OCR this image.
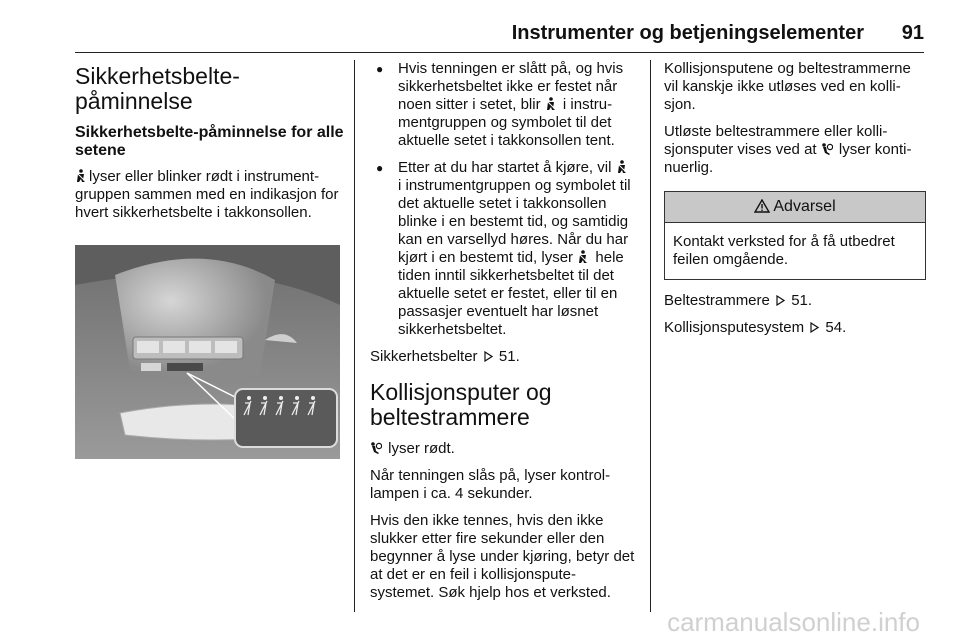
Instrumenter og betjeningselementer 91
Sikkerhetsbelte-påminnelse
Sikkerhetsbelte-påminnelse for alle setene

lyser eller blinker rødt i instrumentgruppen sammen med en indikasjon for hvert sikkerhetsbelte i takkonsollen.

● Hvis tenningen er slått på, og hvis sikkerhetsbeltet ikke er festet når noen sitter i setet, blir i instrumentgruppen og symbolet til det aktuelle setet i takkonsollen tent.
● Etter at du har startet å kjøre, vil  i instrumentgruppen og symbolet til det aktuelle setet i takkonsollen blinke i en bestemt tid, og samtidig kan en varsellyd høres. Når du har kjørt i en bestemt tid, lyser hele tiden inntil sikkerhetsbeltet til det aktuelle setet er festet, eller til en passasjer eventuelt har løsnet sikkerhetsbeltet.

Sikkerhetsbelter 51.

Kollisjonsputer og beltestrammere

lyser rødt.

Når tenningen slås på, lyser kontrollampen i ca. 4 sekunder.

Hvis den ikke tennes, hvis den ikke slukker etter fire sekunder eller den begynner å lyse under kjøring, betyr det at det er en feil i kollisjonsputesystemet. Søk hjelp hos et verksted.

Kollisjonsputene og beltestrammerne vil kanskje ikke utløses ved en kollisjon.

Utløste beltestrammere eller kollisjonsputer vises ved at lyser kontinuerlig.

Advarsel
Kontakt verksted for å få utbedret feilen omgående.

Beltestrammere 51.

Kollisjonsputesystem 54.

carmanualsonline.info
